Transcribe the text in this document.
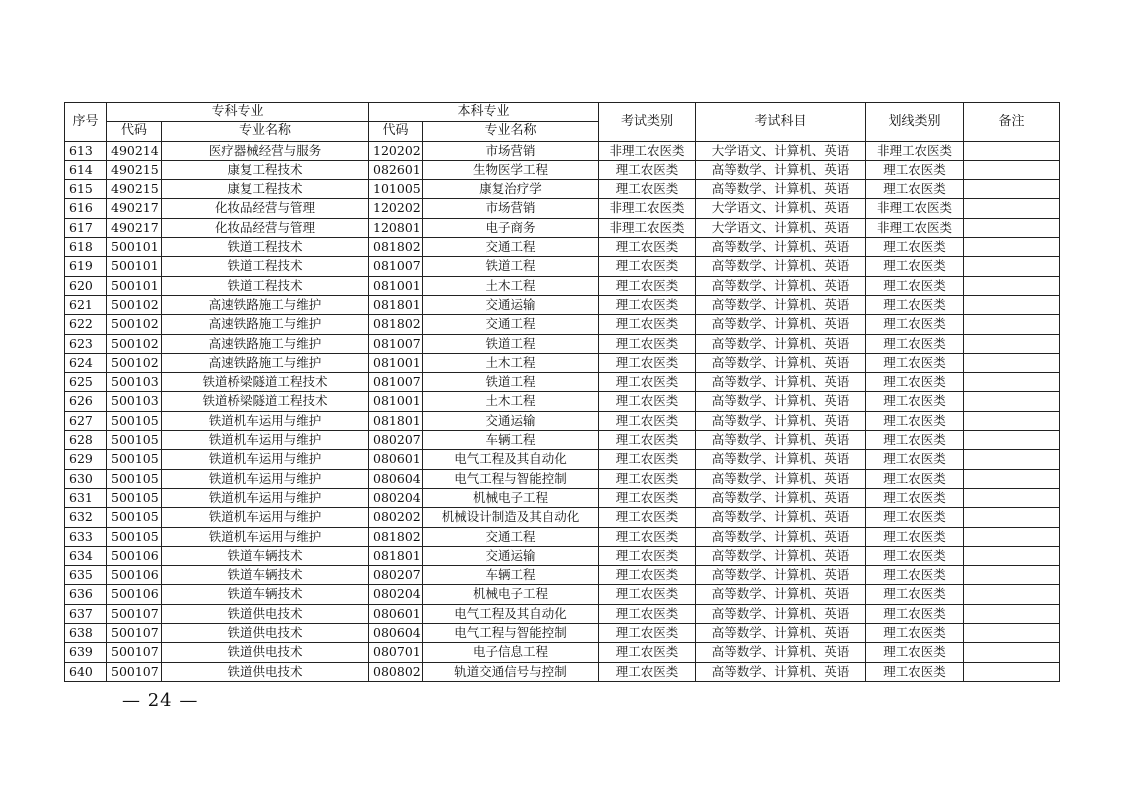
序号	专科专业		本科专业		考试类别	考试科目	划线类别	备注
	代码	专业名称	代码	专业名称				
613	490214	医疗器械经营与服务	120202	市场营销	非理工农医类	大学语文、计算机、英语	非理工农医类	
614	490215	康复工程技术	082601	生物医学工程	理工农医类	高等数学、计算机、英语	理工农医类	
615	490215	康复工程技术	101005	康复治疗学	理工农医类	高等数学、计算机、英语	理工农医类	
616	490217	化妆品经营与管理	120202	市场营销	非理工农医类	大学语文、计算机、英语	非理工农医类	
617	490217	化妆品经营与管理	120801	电子商务	非理工农医类	大学语文、计算机、英语	非理工农医类	
618	500101	铁道工程技术	081802	交通工程	理工农医类	高等数学、计算机、英语	理工农医类	
619	500101	铁道工程技术	081007	铁道工程	理工农医类	高等数学、计算机、英语	理工农医类	
620	500101	铁道工程技术	081001	土木工程	理工农医类	高等数学、计算机、英语	理工农医类	
621	500102	高速铁路施工与维护	081801	交通运输	理工农医类	高等数学、计算机、英语	理工农医类	
622	500102	高速铁路施工与维护	081802	交通工程	理工农医类	高等数学、计算机、英语	理工农医类	
623	500102	高速铁路施工与维护	081007	铁道工程	理工农医类	高等数学、计算机、英语	理工农医类	
624	500102	高速铁路施工与维护	081001	土木工程	理工农医类	高等数学、计算机、英语	理工农医类	
625	500103	铁道桥梁隧道工程技术	081007	铁道工程	理工农医类	高等数学、计算机、英语	理工农医类	
626	500103	铁道桥梁隧道工程技术	081001	土木工程	理工农医类	高等数学、计算机、英语	理工农医类	
627	500105	铁道机车运用与维护	081801	交通运输	理工农医类	高等数学、计算机、英语	理工农医类	
628	500105	铁道机车运用与维护	080207	车辆工程	理工农医类	高等数学、计算机、英语	理工农医类	
629	500105	铁道机车运用与维护	080601	电气工程及其自动化	理工农医类	高等数学、计算机、英语	理工农医类	
630	500105	铁道机车运用与维护	080604	电气工程与智能控制	理工农医类	高等数学、计算机、英语	理工农医类	
631	500105	铁道机车运用与维护	080204	机械电子工程	理工农医类	高等数学、计算机、英语	理工农医类	
632	500105	铁道机车运用与维护	080202	机械设计制造及其自动化	理工农医类	高等数学、计算机、英语	理工农医类	
633	500105	铁道机车运用与维护	081802	交通工程	理工农医类	高等数学、计算机、英语	理工农医类	
634	500106	铁道车辆技术	081801	交通运输	理工农医类	高等数学、计算机、英语	理工农医类	
635	500106	铁道车辆技术	080207	车辆工程	理工农医类	高等数学、计算机、英语	理工农医类	
636	500106	铁道车辆技术	080204	机械电子工程	理工农医类	高等数学、计算机、英语	理工农医类	
637	500107	铁道供电技术	080601	电气工程及其自动化	理工农医类	高等数学、计算机、英语	理工农医类	
638	500107	铁道供电技术	080604	电气工程与智能控制	理工农医类	高等数学、计算机、英语	理工农医类	
639	500107	铁道供电技术	080701	电子信息工程	理工农医类	高等数学、计算机、英语	理工农医类	
640	500107	铁道供电技术	080802	轨道交通信号与控制	理工农医类	高等数学、计算机、英语	理工农医类	
— 24 —
